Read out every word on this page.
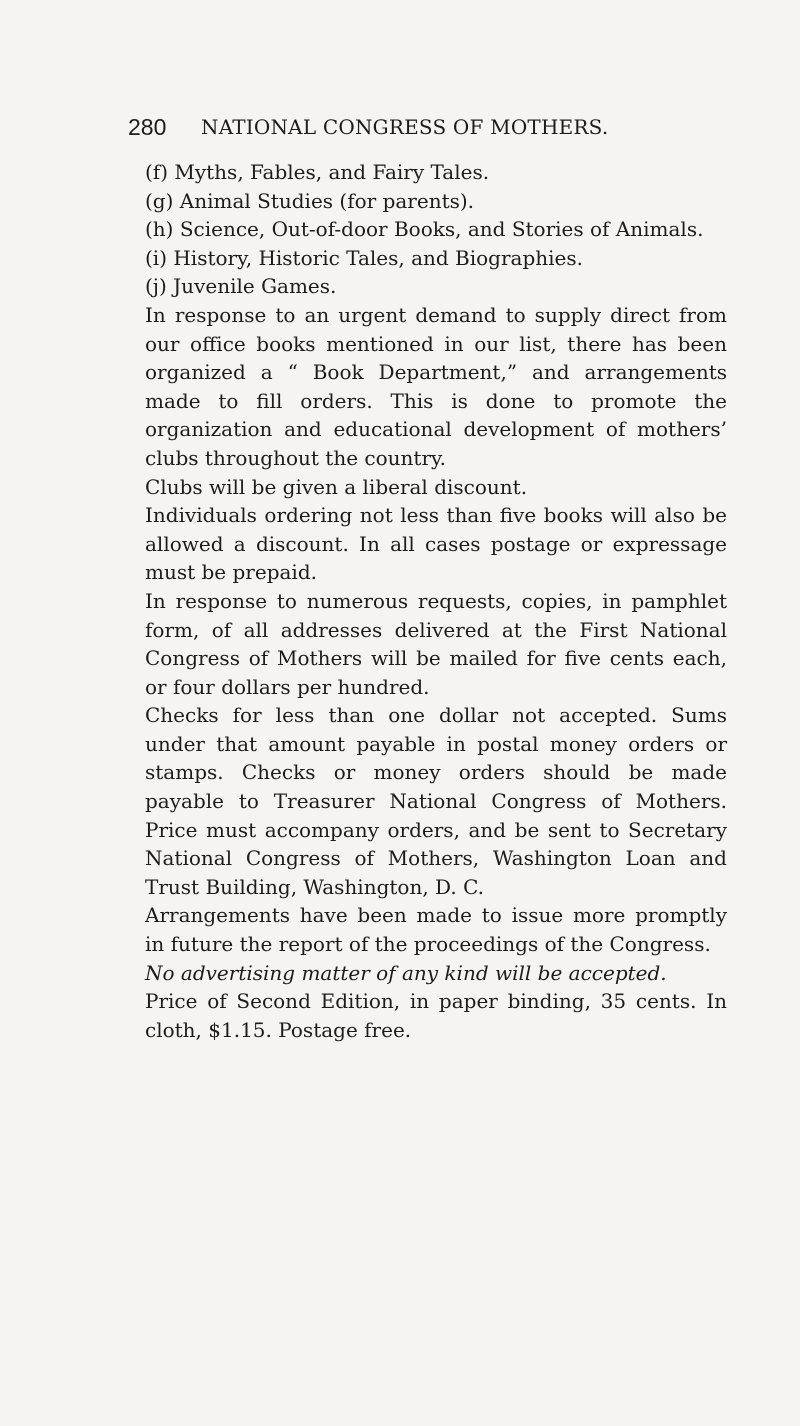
280 NATIONAL CONGRESS OF MOTHERS.
(f) Myths, Fables, and Fairy Tales.
(g) Animal Studies (for parents).
(h) Science, Out-of-door Books, and Stories of Animals.
(i) History, Historic Tales, and Biographies.
(j) Juvenile Games.

In response to an urgent demand to supply direct from our office books mentioned in our list, there has been organized a “ Book Department,” and arrangements made to fill orders. This is done to promote the organization and educational development of mothers’ clubs throughout the country.

Clubs will be given a liberal discount.

Individuals ordering not less than five books will also be allowed a discount. In all cases postage or expressage must be prepaid.

In response to numerous requests, copies, in pamphlet form, of all addresses delivered at the First National Congress of Mothers will be mailed for five cents each, or four dollars per hundred.

Checks for less than one dollar not accepted. Sums under that amount payable in postal money orders or stamps. Checks or money orders should be made payable to Treasurer National Congress of Mothers. Price must accompany orders, and be sent to Secretary National Congress of Mothers, Washington Loan and Trust Building, Washington, D. C.

Arrangements have been made to issue more promptly in future the report of the proceedings of the Congress.

No advertising matter of any kind will be accepted.

Price of Second Edition, in paper binding, 35 cents. In cloth, $1.15. Postage free.
